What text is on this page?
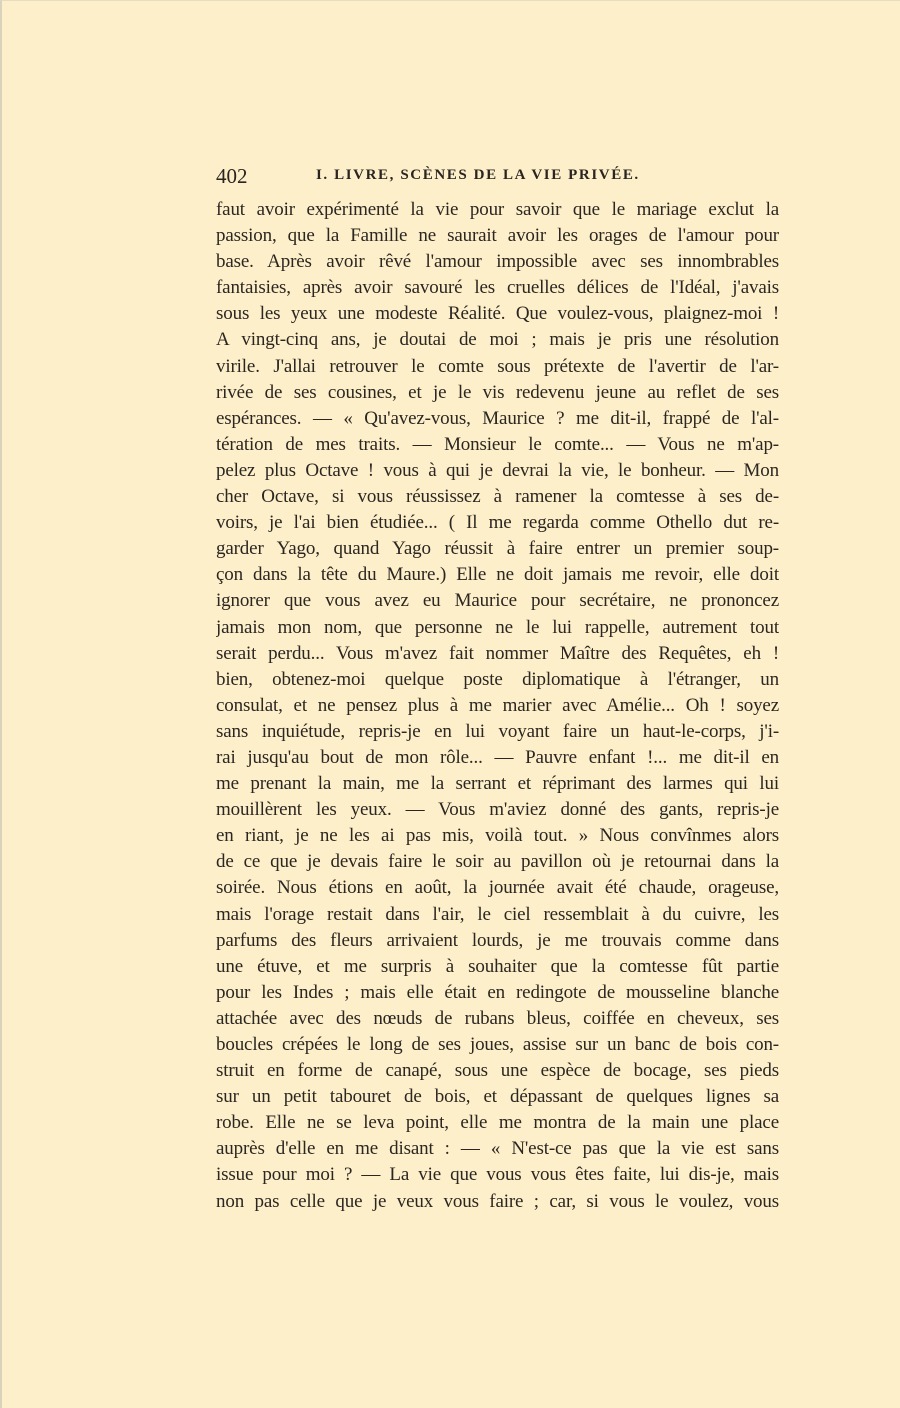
402	I. LIVRE, SCÈNES DE LA VIE PRIVÉE.
faut avoir expérimenté la vie pour savoir que le mariage exclut la
passion, que la Famille ne saurait avoir les orages de l'amour pour
base. Après avoir rêvé l'amour impossible avec ses innombrables
fantaisies, après avoir savouré les cruelles délices de l'Idéal, j'avais
sous les yeux une modeste Réalité. Que voulez-vous, plaignez-moi !
A vingt-cinq ans, je doutai de moi ; mais je pris une résolution
virile. J'allai retrouver le comte sous prétexte de l'avertir de l'ar-
rivée de ses cousines, et je le vis redevenu jeune au reflet de ses
espérances. — « Qu'avez-vous, Maurice ? me dit-il, frappé de l'al-
tération de mes traits. — Monsieur le comte... — Vous ne m'ap-
pelez plus Octave ! vous à qui je devrai la vie, le bonheur. — Mon
cher Octave, si vous réussissez à ramener la comtesse à ses de-
voirs, je l'ai bien étudiée... ( Il me regarda comme Othello dut re-
garder Yago, quand Yago réussit à faire entrer un premier soup-
çon dans la tête du Maure.) Elle ne doit jamais me revoir, elle doit
ignorer que vous avez eu Maurice pour secrétaire, ne prononcez
jamais mon nom, que personne ne le lui rappelle, autrement tout
serait perdu... Vous m'avez fait nommer Maître des Requêtes, eh !
bien, obtenez-moi quelque poste diplomatique à l'étranger, un
consulat, et ne pensez plus à me marier avec Amélie... Oh ! soyez
sans inquiétude, repris-je en lui voyant faire un haut-le-corps, j'i-
rai jusqu'au bout de mon rôle... — Pauvre enfant !... me dit-il en
me prenant la main, me la serrant et réprimant des larmes qui lui
mouillèrent les yeux. — Vous m'aviez donné des gants, repris-je
en riant, je ne les ai pas mis, voilà tout. » Nous convînmes alors
de ce que je devais faire le soir au pavillon où je retournai dans la
soirée. Nous étions en août, la journée avait été chaude, orageuse,
mais l'orage restait dans l'air, le ciel ressemblait à du cuivre, les
parfums des fleurs arrivaient lourds, je me trouvais comme dans
une étuve, et me surpris à souhaiter que la comtesse fût partie
pour les Indes ; mais elle était en redingote de mousseline blanche
attachée avec des nœuds de rubans bleus, coiffée en cheveux, ses
boucles crépées le long de ses joues, assise sur un banc de bois con-
struit en forme de canapé, sous une espèce de bocage, ses pieds
sur un petit tabouret de bois, et dépassant de quelques lignes sa
robe. Elle ne se leva point, elle me montra de la main une place
auprès d'elle en me disant : — « N'est-ce pas que la vie est sans
issue pour moi ? — La vie que vous vous êtes faite, lui dis-je, mais
non pas celle que je veux vous faire ; car, si vous le voulez, vous
